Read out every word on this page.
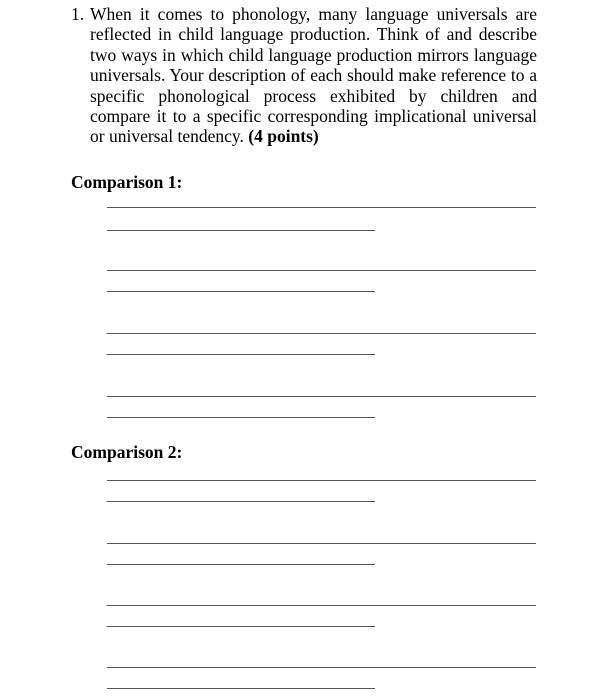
1. When it comes to phonology, many language universals are reflected in child language production. Think of and describe two ways in which child language production mirrors language universals. Your description of each should make reference to a specific phonological process exhibited by children and compare it to a specific corresponding implicational universal or universal tendency. (4 points)
Comparison 1:
Comparison 2:
